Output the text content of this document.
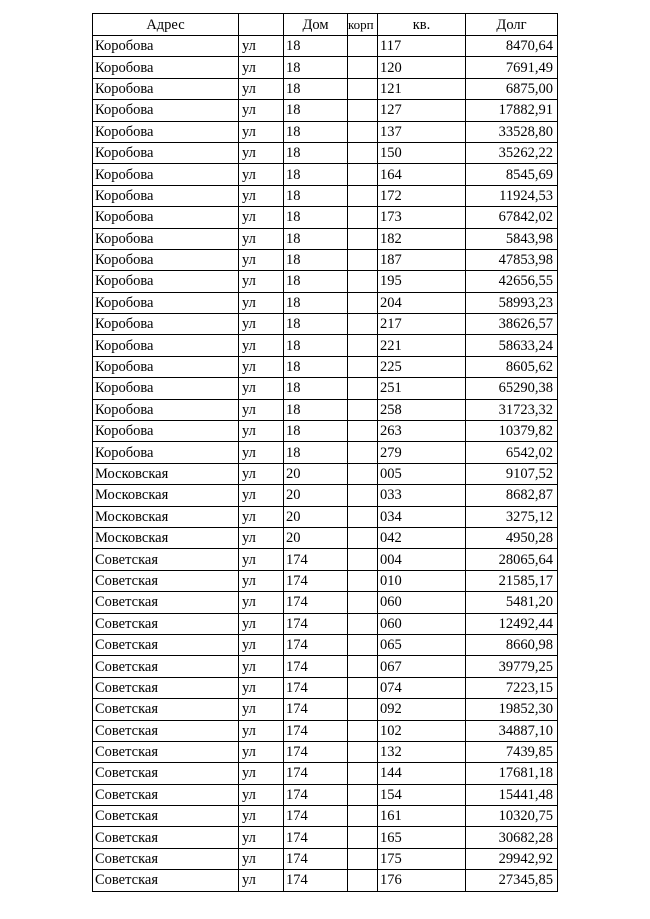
Адрес		Дом	корп	кв.	Долг
Коробова	ул	18		117	8470,64
Коробова	ул	18		120	7691,49
Коробова	ул	18		121	6875,00
Коробова	ул	18		127	17882,91
Коробова	ул	18		137	33528,80
Коробова	ул	18		150	35262,22
Коробова	ул	18		164	8545,69
Коробова	ул	18		172	11924,53
Коробова	ул	18		173	67842,02
Коробова	ул	18		182	5843,98
Коробова	ул	18		187	47853,98
Коробова	ул	18		195	42656,55
Коробова	ул	18		204	58993,23
Коробова	ул	18		217	38626,57
Коробова	ул	18		221	58633,24
Коробова	ул	18		225	8605,62
Коробова	ул	18		251	65290,38
Коробова	ул	18		258	31723,32
Коробова	ул	18		263	10379,82
Коробова	ул	18		279	6542,02
Московская	ул	20		005	9107,52
Московская	ул	20		033	8682,87
Московская	ул	20		034	3275,12
Московская	ул	20		042	4950,28
Советская	ул	174		004	28065,64
Советская	ул	174		010	21585,17
Советская	ул	174		060	5481,20
Советская	ул	174		060	12492,44
Советская	ул	174		065	8660,98
Советская	ул	174		067	39779,25
Советская	ул	174		074	7223,15
Советская	ул	174		092	19852,30
Советская	ул	174		102	34887,10
Советская	ул	174		132	7439,85
Советская	ул	174		144	17681,18
Советская	ул	174		154	15441,48
Советская	ул	174		161	10320,75
Советская	ул	174		165	30682,28
Советская	ул	174		175	29942,92
Советская	ул	174		176	27345,85
